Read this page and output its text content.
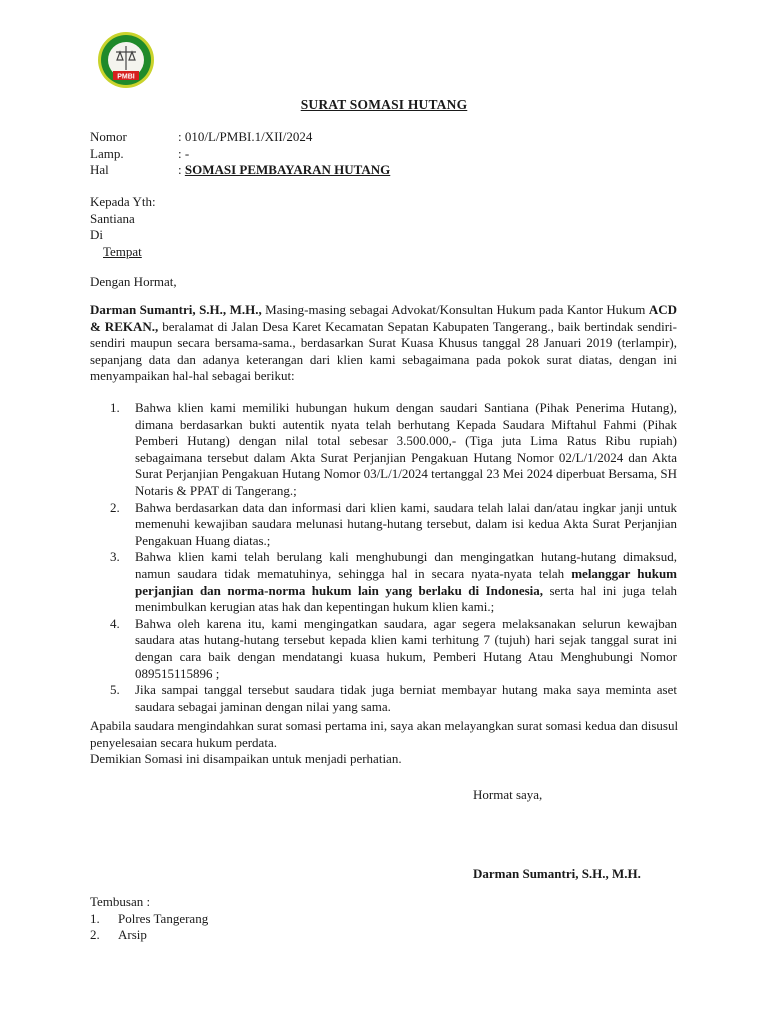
PMBI
SURAT SOMASI HUTANG
Nomor	: 010/L/PMBI.1/XII/2024
Lamp.	: -
Hal	: SOMASI PEMBAYARAN HUTANG
Kepada Yth:
Santiana
Di
Tempat
Dengan Hormat,
Darman Sumantri, S.H., M.H., Masing-masing sebagai Advokat/Konsultan Hukum pada Kantor Hukum ACD & REKAN., beralamat di Jalan Desa Karet Kecamatan Sepatan Kabupaten Tangerang., baik bertindak sendiri-sendiri maupun secara bersama-sama., berdasarkan Surat Kuasa Khusus tanggal 28 Januari 2019 (terlampir), sepanjang data dan adanya keterangan dari klien kami sebagaimana pada pokok surat diatas, dengan ini menyampaikan hal-hal sebagai berikut:
1. Bahwa klien kami memiliki hubungan hukum dengan saudari Santiana (Pihak Penerima Hutang), dimana berdasarkan bukti autentik nyata telah berhutang Kepada Saudara Miftahul Fahmi (Pihak Pemberi Hutang) dengan nilal total sebesar 3.500.000,- (Tiga juta Lima Ratus Ribu rupiah) sebagaimana tersebut dalam Akta Surat Perjanjian Pengakuan Hutang Nomor 02/L/1/2024 dan Akta Surat Perjanjian Pengakuan Hutang Nomor 03/L/1/2024 tertanggal 23 Mei 2024 diperbuat Bersama, SH Notaris & PPAT di Tangerang.;
2. Bahwa berdasarkan data dan informasi dari klien kami, saudara telah lalai dan/atau ingkar janji untuk memenuhi kewajiban saudara melunasi hutang-hutang tersebut, dalam isi kedua Akta Surat Perjanjian Pengakuan Huang diatas.;
3. Bahwa klien kami telah berulang kali menghubungi dan mengingatkan hutang-hutang dimaksud, namun saudara tidak mematuhinya, sehingga hal in secara nyata-nyata telah melanggar hukum perjanjian dan norma-norma hukum lain yang berlaku di Indonesia, serta hal ini juga telah menimbulkan kerugian atas hak dan kepentingan hukum klien kami.;
4. Bahwa oleh karena itu, kami mengingatkan saudara, agar segera melaksanakan selurun kewajban saudara atas hutang-hutang tersebut kepada klien kami terhitung 7 (tujuh) hari sejak tanggal surat ini dengan cara baik dengan mendatangi kuasa hukum, Pemberi Hutang Atau Menghubungi Nomor 089515115896 ;
5. Jika sampai tanggal tersebut saudara tidak juga berniat membayar hutang maka saya meminta aset saudara sebagai jaminan dengan nilai yang sama.
Apabila saudara mengindahkan surat somasi pertama ini, saya akan melayangkan surat somasi kedua dan disusul penyelesaian secara hukum perdata.
Demikian Somasi ini disampaikan untuk menjadi perhatian.
Hormat saya,
Darman Sumantri, S.H., M.H.
Tembusan :
1. Polres Tangerang
2. Arsip
